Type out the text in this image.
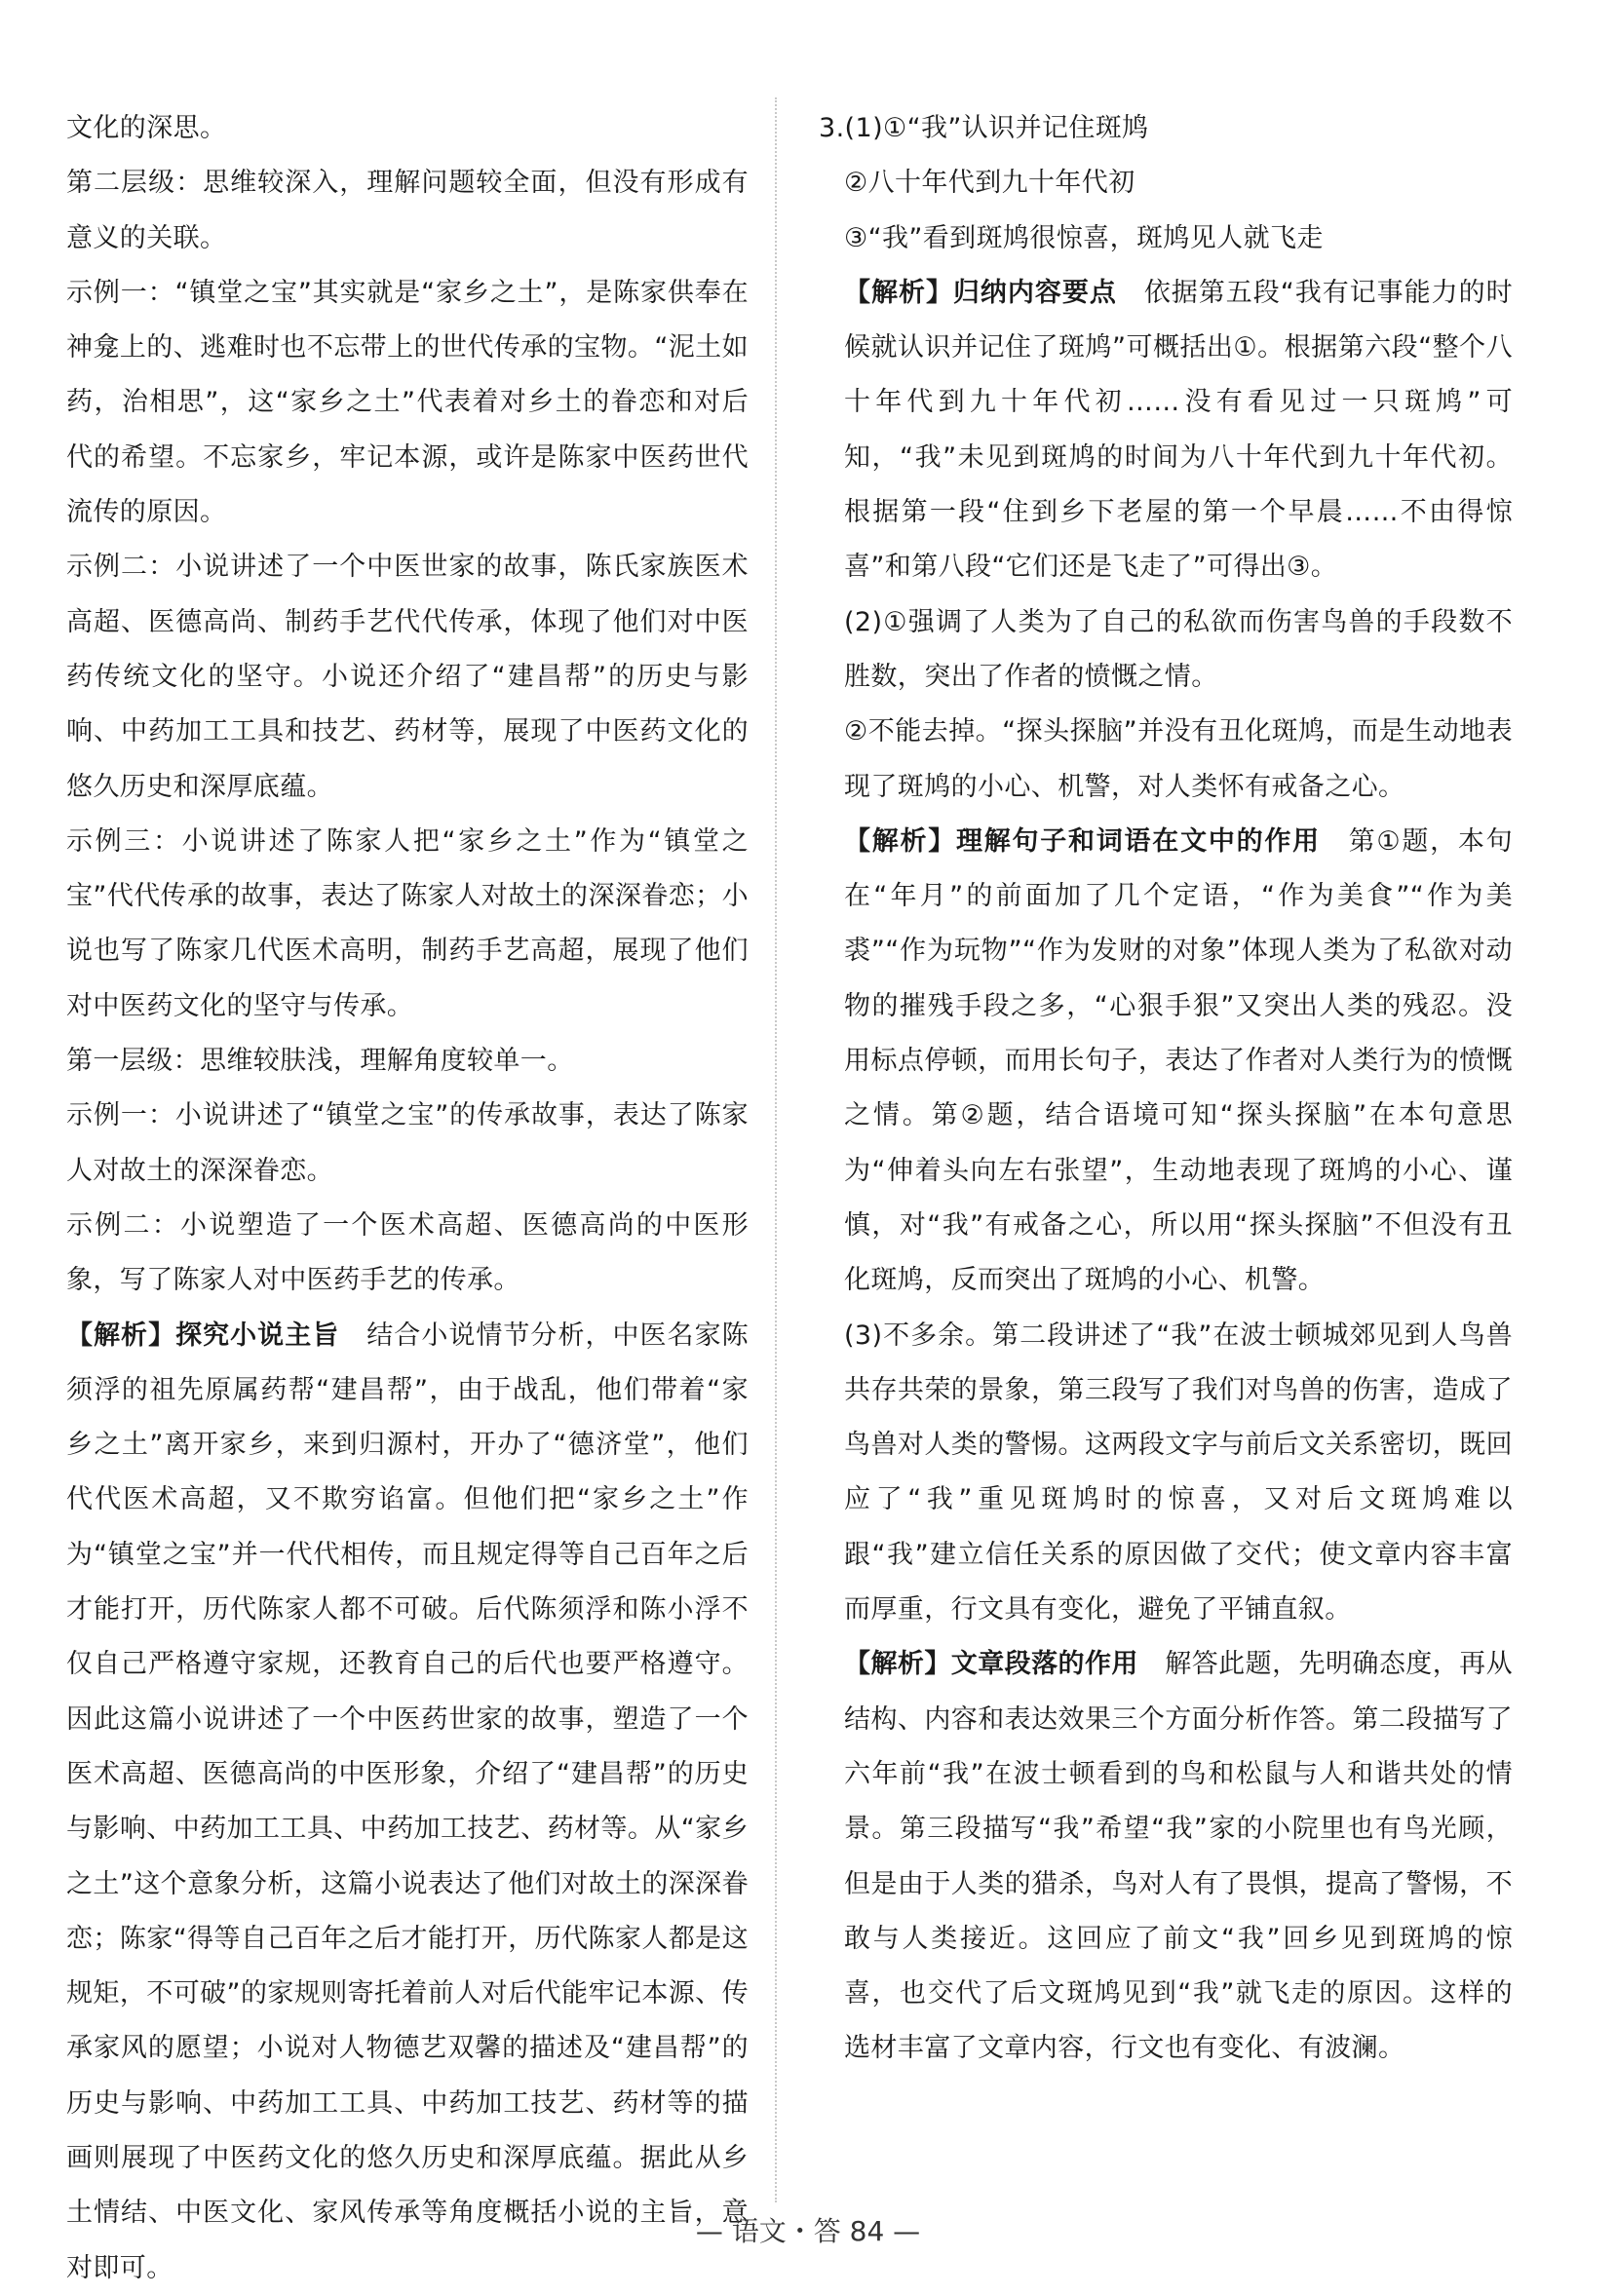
文化的深思。

第二层级：思维较深入，理解问题较全面，但没有形成有意义的关联。

示例一：“镇堂之宝”其实就是“家乡之土”，是陈家供奉在神龛上的、逃难时也不忘带上的世代传承的宝物。“泥土如药，治相思”，这“家乡之土”代表着对乡土的眷恋和对后代的希望。不忘家乡，牢记本源，或许是陈家中医药世代流传的原因。

示例二：小说讲述了一个中医世家的故事，陈氏家族医术高超、医德高尚、制药手艺代代传承，体现了他们对中医药传统文化的坚守。小说还介绍了“建昌帮”的历史与影响、中药加工工具和技艺、药材等，展现了中医药文化的悠久历史和深厚底蕴。

示例三：小说讲述了陈家人把“家乡之土”作为“镇堂之宝”代代传承的故事，表达了陈家人对故土的深深眷恋；小说也写了陈家几代医术高明，制药手艺高超，展现了他们对中医药文化的坚守与传承。

第一层级：思维较肤浅，理解角度较单一。

示例一：小说讲述了“镇堂之宝”的传承故事，表达了陈家人对故土的深深眷恋。

示例二：小说塑造了一个医术高超、医德高尚的中医形象，写了陈家人对中医药手艺的传承。

【解析】探究小说主旨　结合小说情节分析，中医名家陈须浮的祖先原属药帮“建昌帮”，由于战乱，他们带着“家乡之土”离开家乡，来到归源村，开办了“德济堂”，他们代代医术高超，又不欺穷谄富。但他们把“家乡之土”作为“镇堂之宝”并一代代相传，而且规定得等自己百年之后才能打开，历代陈家人都不可破。后代陈须浮和陈小浮不仅自己严格遵守家规，还教育自己的后代也要严格遵守。因此这篇小说讲述了一个中医药世家的故事，塑造了一个医术高超、医德高尚的中医形象，介绍了“建昌帮”的历史与影响、中药加工工具、中药加工技艺、药材等。从“家乡之土”这个意象分析，这篇小说表达了他们对故土的深深眷恋；陈家“得等自己百年之后才能打开，历代陈家人都是这规矩，不可破”的家规则寄托着前人对后代能牢记本源、传承家风的愿望；小说对人物德艺双馨的描述及“建昌帮”的历史与影响、中药加工工具、中药加工技艺、药材等的描画则展现了中医药文化的悠久历史和深厚底蕴。据此从乡土情结、中医文化、家风传承等角度概括小说的主旨，意对即可。

3.(1)①“我”认识并记住斑鸠

②八十年代到九十年代初

③“我”看到斑鸠很惊喜，斑鸠见人就飞走

【解析】归纳内容要点　依据第五段“我有记事能力的时候就认识并记住了斑鸠”可概括出①。根据第六段“整个八十年代到九十年代初……没有看见过一只斑鸠”可知，“我”未见到斑鸠的时间为八十年代到九十年代初。根据第一段“住到乡下老屋的第一个早晨……不由得惊喜”和第八段“它们还是飞走了”可得出③。

(2)①强调了人类为了自己的私欲而伤害鸟兽的手段数不胜数，突出了作者的愤慨之情。

②不能去掉。“探头探脑”并没有丑化斑鸠，而是生动地表现了斑鸠的小心、机警，对人类怀有戒备之心。

【解析】理解句子和词语在文中的作用　第①题，本句在“年月”的前面加了几个定语，“作为美食”“作为美裘”“作为玩物”“作为发财的对象”体现人类为了私欲对动物的摧残手段之多，“心狠手狠”又突出人类的残忍。没用标点停顿，而用长句子，表达了作者对人类行为的愤慨之情。第②题，结合语境可知“探头探脑”在本句意思为“伸着头向左右张望”，生动地表现了斑鸠的小心、谨慎，对“我”有戒备之心，所以用“探头探脑”不但没有丑化斑鸠，反而突出了斑鸠的小心、机警。

(3)不多余。第二段讲述了“我”在波士顿城郊见到人鸟兽共存共荣的景象，第三段写了我们对鸟兽的伤害，造成了鸟兽对人类的警惕。这两段文字与前后文关系密切，既回应了“我”重见斑鸠时的惊喜，又对后文斑鸠难以跟“我”建立信任关系的原因做了交代；使文章内容丰富而厚重，行文具有变化，避免了平铺直叙。

【解析】文章段落的作用　解答此题，先明确态度，再从结构、内容和表达效果三个方面分析作答。第二段描写了六年前“我”在波士顿看到的鸟和松鼠与人和谐共处的情景。第三段描写“我”希望“我”家的小院里也有鸟光顾，但是由于人类的猎杀，鸟对人有了畏惧，提高了警惕，不敢与人类接近。这回应了前文“我”回乡见到斑鸠的惊喜，也交代了后文斑鸠见到“我”就飞走的原因。这样的选材丰富了文章内容，行文也有变化、有波澜。

— 语文・答 84 —
